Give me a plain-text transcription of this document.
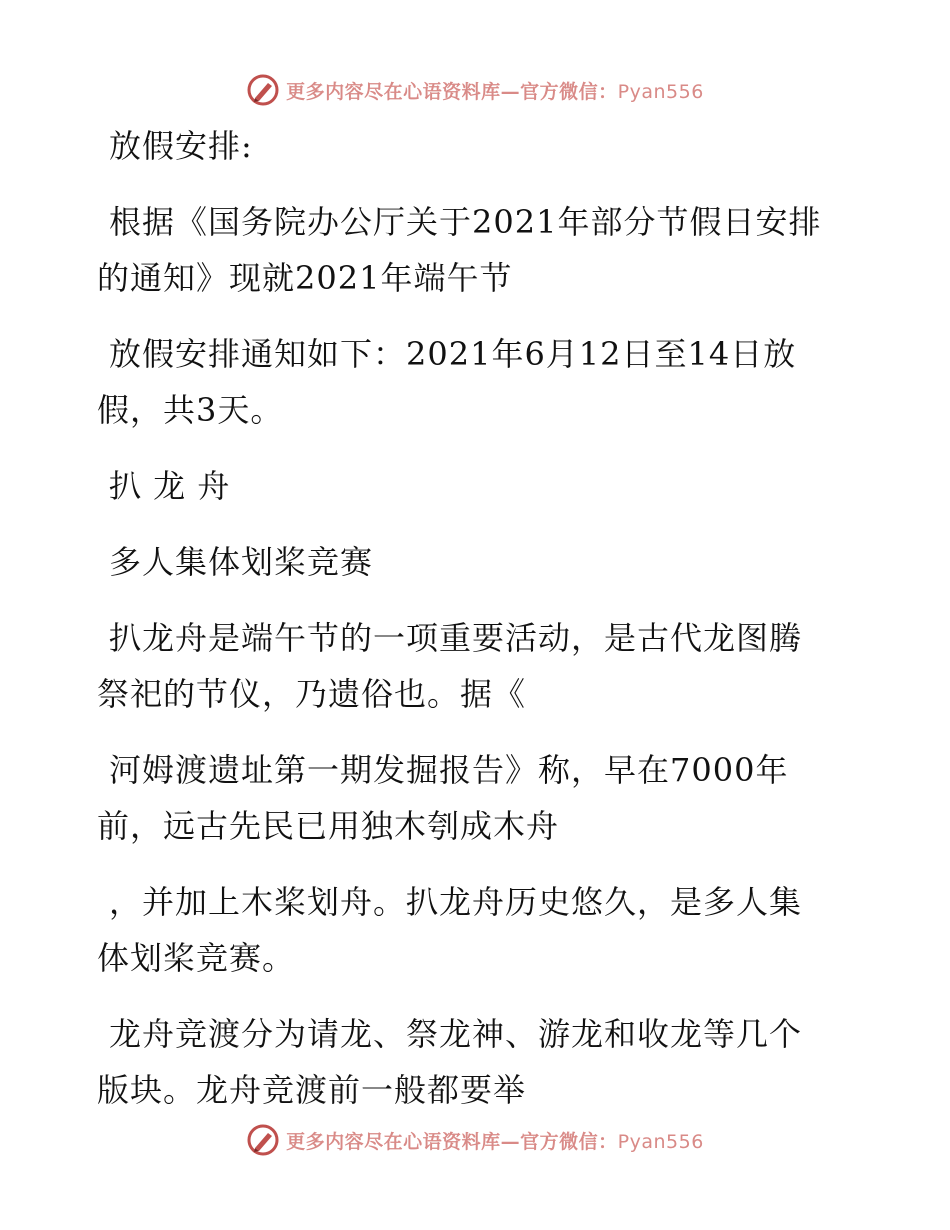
更多内容尽在心语资料库—官方微信：Pyan556

放假安排:

根据《国务院办公厅关于2021年部分节假日安排
的通知》现就2021年端午节

放假安排通知如下：2021年6月12日至14日放
假，共3天。

扒 龙 舟

多人集体划桨竞赛

扒龙舟是端午节的一项重要活动，是古代龙图腾
祭祀的节仪，乃遗俗也。据《

河姆渡遗址第一期发掘报告》称，早在7000年
前，远古先民已用独木刳成木舟

，并加上木桨划舟。扒龙舟历史悠久，是多人集
体划桨竞赛。

龙舟竞渡分为请龙、祭龙神、游龙和收龙等几个
版块。龙舟竞渡前一般都要举

更多内容尽在心语资料库—官方微信：Pyan556
